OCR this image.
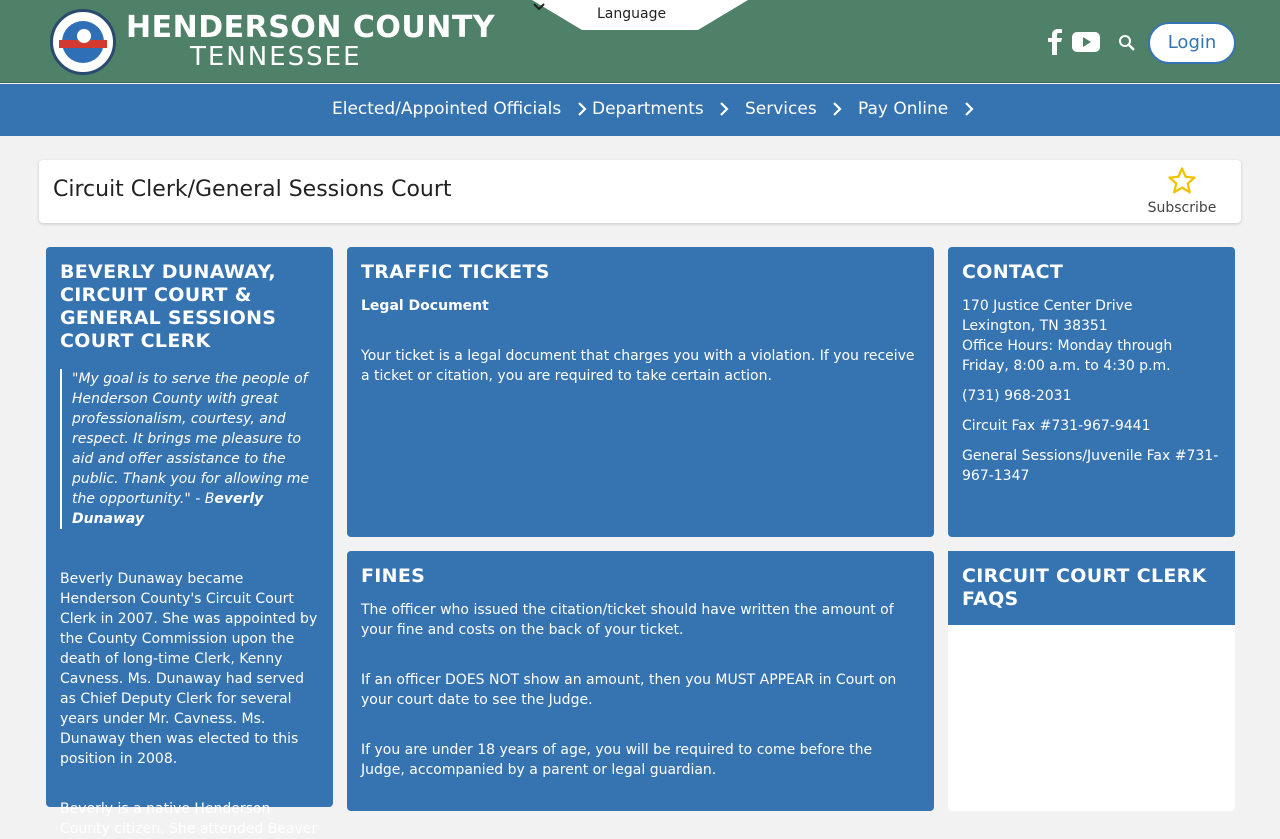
HENDERSON COUNTY
TENNESSEE
Language
Login
Elected/Appointed Officials	Departments	Services	Pay Online
Circuit Clerk/General Sessions Court
Subscribe
BEVERLY DUNAWAY, CIRCUIT COURT & GENERAL SESSIONS COURT CLERK
"My goal is to serve the people of Henderson County with great professionalism, courtesy, and respect. It brings me pleasure to aid and offer assistance to the public. Thank you for allowing me the opportunity." - Beverly Dunaway

Beverly Dunaway became Henderson County's Circuit Court Clerk in 2007. She was appointed by the County Commission upon the death of long-time Clerk, Kenny Cavness. Ms. Dunaway had served as Chief Deputy Clerk for several years under Mr. Cavness. Ms. Dunaway then was elected to this position in 2008.

Beverly is a native Henderson County citizen. She attended Beaver

TRAFFIC TICKETS

Legal Document

Your ticket is a legal document that charges you with a violation. If you receive a ticket or citation, you are required to take certain action.

CONTACT

170 Justice Center Drive

Lexington, TN 38351

Office Hours: Monday through Friday, 8:00 a.m. to 4:30 p.m.

(731) 968-2031

Circuit Fax #731-967-9441

General Sessions/Juvenile Fax #731-967-1347

FINES

The officer who issued the citation/ticket should have written the amount of your fine and costs on the back of your ticket.

If an officer DOES NOT show an amount, then you MUST APPEAR in Court on your court date to see the Judge.

If you are under 18 years of age, you will be required to come before the Judge, accompanied by a parent or legal guardian.

CIRCUIT COURT CLERK FAQS
